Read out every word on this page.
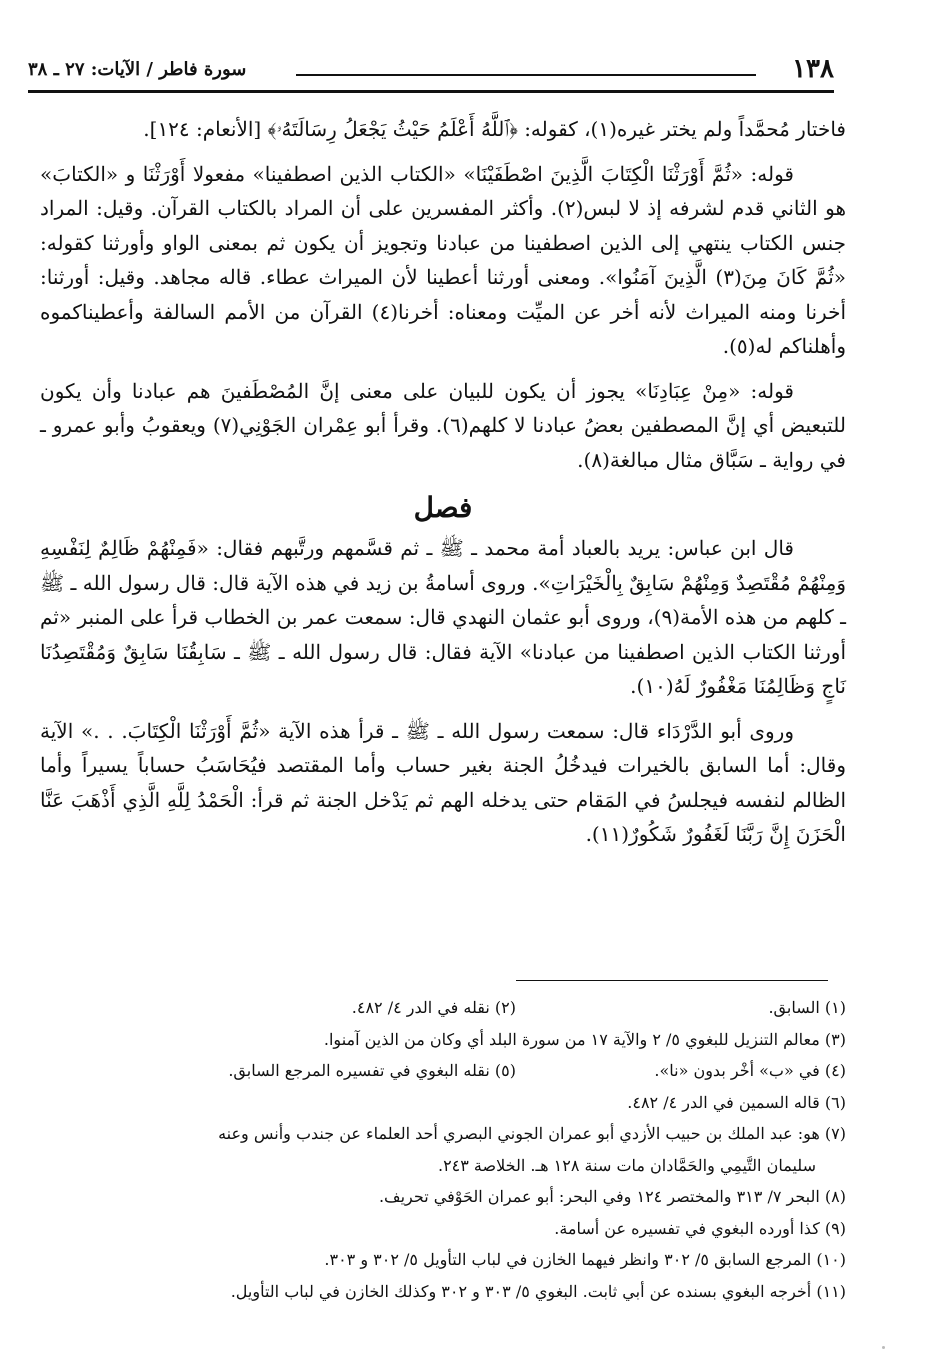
١٣٨
سورة فاطر / الآيات: ٢٧ ـ ٣٨

فاختار مُحمَّداً ولم يختر غيره(١)، كقوله: ﴿ٱللَّهُ أَعْلَمُ حَيْثُ يَجْعَلُ رِسَالَتَهُۥ﴾ [الأنعام: ١٢٤].

قوله: «ثُمَّ أَوْرَثْنَا الْكِتَابَ الَّذِينَ اصْطَفَيْنَا» «الكتاب الذين اصطفينا» مفعولا أَوْرَثْنَا و «الكتابَ» هو الثاني قدم لشرفه إذ لا لبس(٢). وأكثر المفسرين على أن المراد بالكتاب القرآن. وقيل: المراد جنس الكتاب ينتهي إلى الذين اصطفينا من عبادنا وتجويز أن يكون ثم بمعنى الواو وأورثنا كقوله: «ثُمَّ كَانَ مِنَ(٣) الَّذِينَ آمَنُوا». ومعنى أورثنا أعطينا لأن الميراث عطاء. قاله مجاهد. وقيل: أورثنا: أخرنا ومنه الميراث لأنه أخر عن الميِّت ومعناه: أخرنا(٤) القرآن من الأمم السالفة وأعطيناكموه وأهلناكم له(٥).

قوله: «مِنْ عِبَادِنَا» يجوز أن يكون للبيان على معنى إنَّ المُصْطَفينَ هم عبادنا وأن يكون للتبعيض أي إنَّ المصطفين بعضُ عبادنا لا كلهم(٦). وقرأ أبو عِمْران الجَوْنِي(٧) ويعقوبُ وأبو عمرو ـ في رواية ـ سَبَّاق مثال مبالغة(٨).

فصل

قال ابن عباس: يريد بالعباد أمة محمد ـ ﷺ ـ ثم قسَّمهم ورتَّبهم فقال: «فَمِنْهُمْ ظَالِمٌ لِنَفْسِهِ وَمِنْهُمْ مُقْتَصِدٌ وَمِنْهُمْ سَابِقٌ بِالْخَيْرَاتِ». وروى أسامةُ بن زيد في هذه الآية قال: قال رسول الله ـ ﷺ ـ كلهم من هذه الأمة(٩)، وروى أبو عثمان النهدي قال: سمعت عمر بن الخطاب قرأ على المنبر «ثم أورثنا الكتاب الذين اصطفينا من عبادنا» الآية فقال: قال رسول الله ـ ﷺ ـ سَابِقُنَا سَابِقٌ وَمُقْتَصِدُنَا نَاجٍ وَظَالِمُنَا مَغْفُورٌ لَهُ(١٠).

وروى أبو الدَّرْدَاء قال: سمعت رسول الله ـ ﷺ ـ قرأ هذه الآية «ثُمَّ أَوْرَثْنَا الْكِتَابَ. . .» الآية وقال: أما السابق بالخيرات فيدخُلُ الجنة بغير حساب وأما المقتصد فيُحَاسَبُ حساباً يسيراً وأما الظالم لنفسه فيجلسُ في المَقام حتى يدخله الهم ثم يَدْخل الجنة ثم قرأ: الْحَمْدُ لِلَّهِ الَّذِي أَذْهَبَ عَنَّا الْحَزَنَ إِنَّ رَبَّنَا لَغَفُورٌ شَكُورٌ(١١).

(١) السابق.
(٢) نقله في الدر ٤/ ٤٨٢.
(٣) معالم التنزيل للبغوي ٥/ ٢ والآية ١٧ من سورة البلد أي وكان من الذين آمنوا.
(٤) في «ب» أخْر بدون «نا».
(٥) نقله البغوي في تفسيره المرجع السابق.
(٦) قاله السمين في الدر ٤/ ٤٨٢.
(٧) هو: عبد الملك بن حبيب الأزدي أبو عمران الجوني البصري أحد العلماء عن جندب وأنس وعنه
سليمان التَّيمِي والحَمَّادان مات سنة ١٢٨ هـ. الخلاصة ٢٤٣.
(٨) البحر ٧/ ٣١٣ والمختصر ١٢٤ وفي البحر: أبو عمران الحَوْفي تحريف.
(٩) كذا أورده البغوي في تفسيره عن أسامة.
(١٠) المرجع السابق ٥/ ٣٠٢ وانظر فيهما الخازن في لباب التأويل ٥/ ٣٠٢ و ٣٠٣.
(١١) أخرجه البغوي بسنده عن أبي ثابت. البغوي ٥/ ٣٠٣ و ٣٠٢ وكذلك الخازن في لباب التأويل.
